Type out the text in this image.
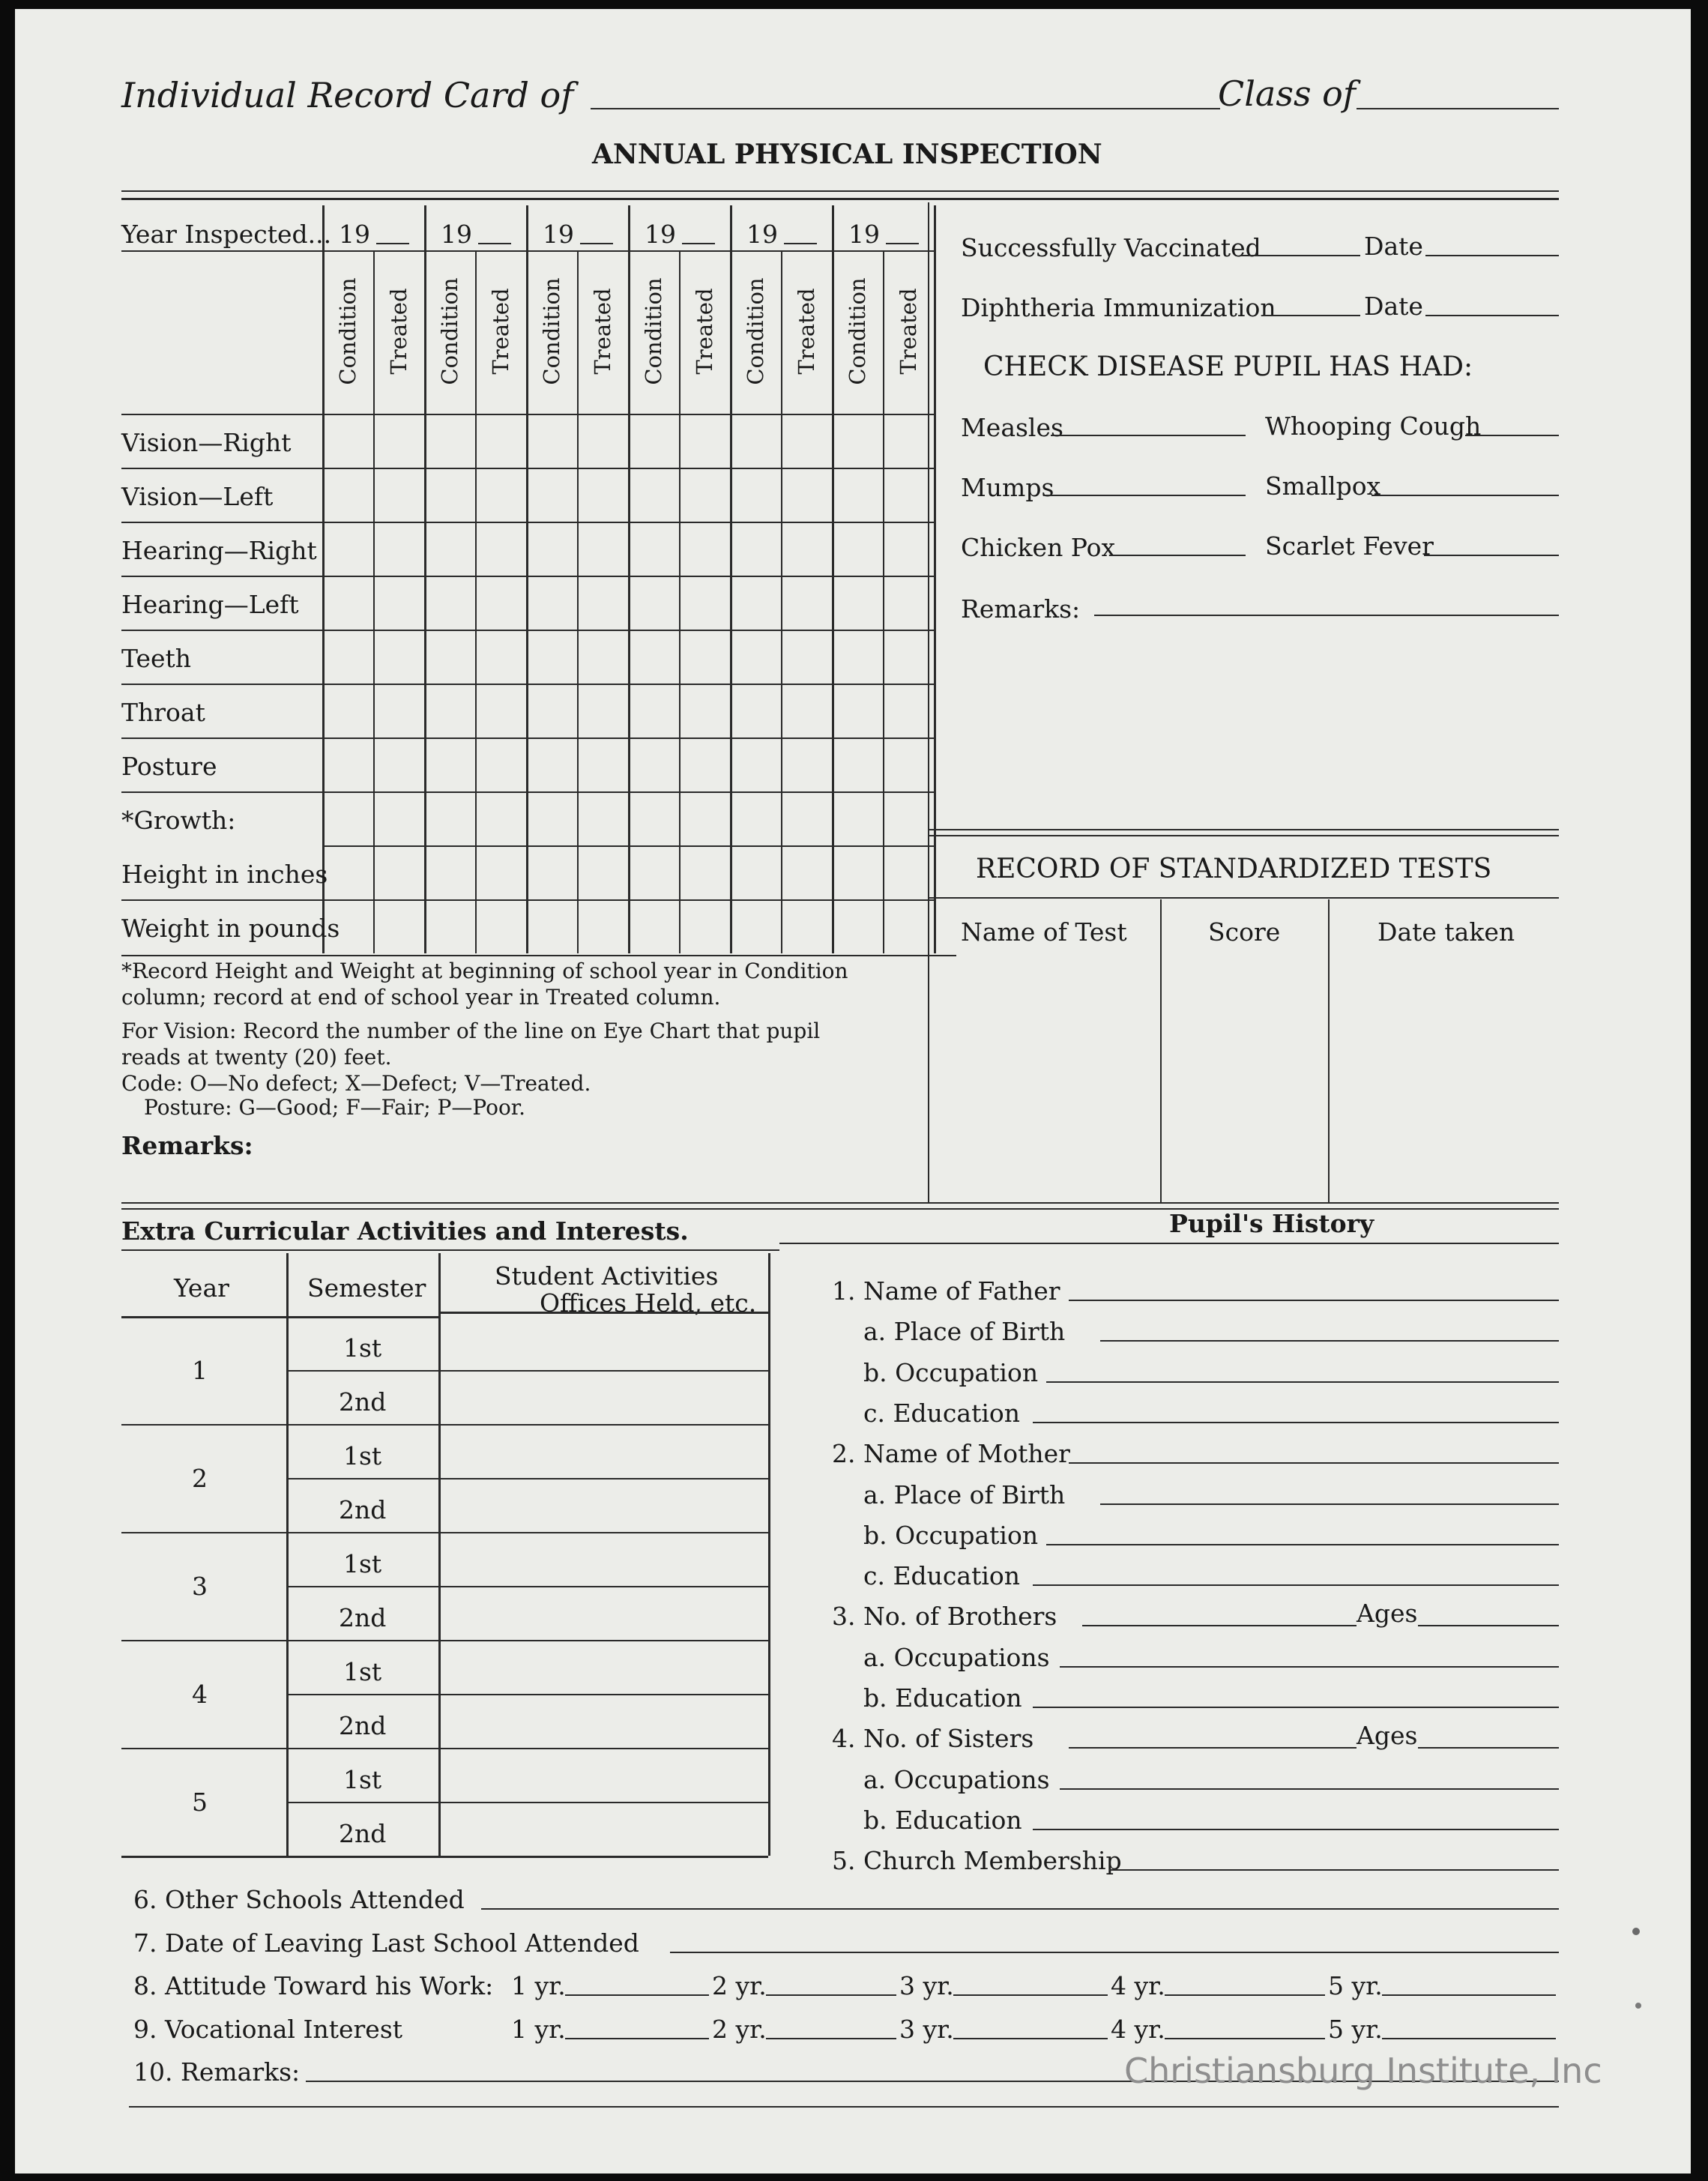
Individual Record Card of	Class of
ANNUAL PHYSICAL INSPECTION
*Record Height and Weight at beginning of school year in Condition
column; record at end of school year in Treated column.
For Vision: Record the number of the line on Eye Chart that pupil
reads at twenty (20) feet.
Code: O—No defect; X—Defect; V—Treated.
Posture: G—Good; F—Fair; P—Poor.
Remarks:
Successfully Vaccinated	Date
Diphtheria Immunization	Date
CHECK DISEASE PUPIL HAS HAD:
Measles	Whooping Cough
Mumps	Smallpox
Chicken Pox	Scarlet Fever
Remarks:
RECORD OF STANDARDIZED TESTS
Name of Test	Score	Date taken
Extra Curricular Activities and Interests.	Pupil's History
Year Inspected... 19	19	19	19	19	19
Condition Treated Condition Treated Condition Treated Condition Treated Condition Treated Condition Treated
Vision—Right
Vision—Left
Hearing—Right
Hearing—Left
Teeth
Throat
Posture
*Growth:
Height in inches
Weight in pounds
Year	Semester	Student Activities
Offices Held, etc.
1
1st
2nd
2
1st
2nd
3
1st
2nd
4
1st
2nd
5
1st
2nd
1. Name of Father
a. Place of Birth
b. Occupation
c. Education
2. Name of Mother
a. Place of Birth
b. Occupation
c. Education
3. No. of Brothers	Ages
a. Occupations
b. Education
4. No. of Sisters	Ages
a. Occupations
b. Education
5. Church Membership
6. Other Schools Attended
7. Date of Leaving Last School Attended
8. Attitude Toward his Work: 1 yr.	2 yr.	3 yr.	4 yr.	5 yr.
9. Vocational Interest	1 yr.	2 yr.	3 yr.	4 yr.	5 yr.
10. Remarks:	Christiansburg Institute, Inc
